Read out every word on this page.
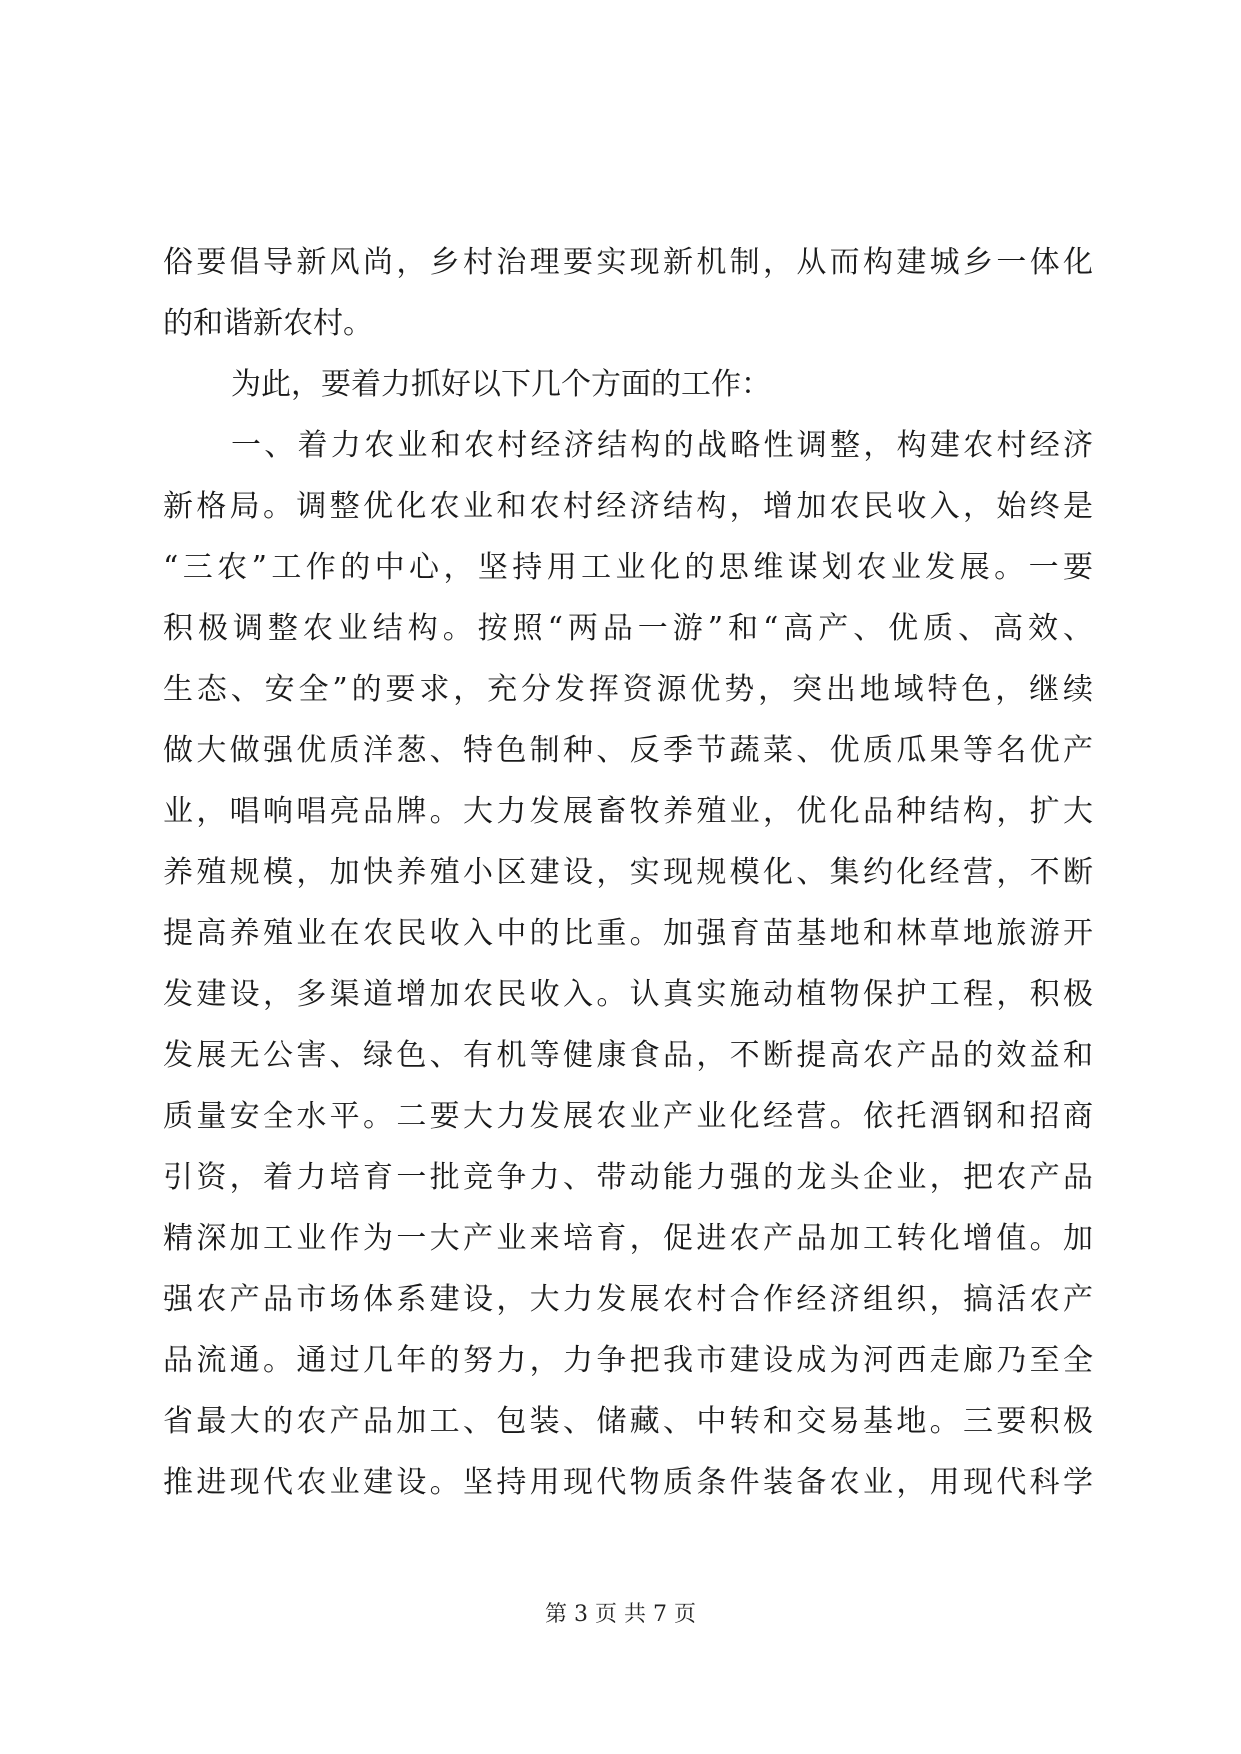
俗要倡导新风尚，乡村治理要实现新机制，从而构建城乡一体化
的和谐新农村。
为此，要着力抓好以下几个方面的工作：
一、着力农业和农村经济结构的战略性调整，构建农村经济
新格局。调整优化农业和农村经济结构，增加农民收入，始终是
“三农”工作的中心，坚持用工业化的思维谋划农业发展。一要
积极调整农业结构。按照“两品一游”和“高产、优质、高效、
生态、安全”的要求，充分发挥资源优势，突出地域特色，继续
做大做强优质洋葱、特色制种、反季节蔬菜、优质瓜果等名优产
业，唱响唱亮品牌。大力发展畜牧养殖业，优化品种结构，扩大
养殖规模，加快养殖小区建设，实现规模化、集约化经营，不断
提高养殖业在农民收入中的比重。加强育苗基地和林草地旅游开
发建设，多渠道增加农民收入。认真实施动植物保护工程，积极
发展无公害、绿色、有机等健康食品，不断提高农产品的效益和
质量安全水平。二要大力发展农业产业化经营。依托酒钢和招商
引资，着力培育一批竞争力、带动能力强的龙头企业，把农产品
精深加工业作为一大产业来培育，促进农产品加工转化增值。加
强农产品市场体系建设，大力发展农村合作经济组织，搞活农产
品流通。通过几年的努力，力争把我市建设成为河西走廊乃至全
省最大的农产品加工、包装、储藏、中转和交易基地。三要积极
推进现代农业建设。坚持用现代物质条件装备农业，用现代科学
第 3 页 共 7 页
